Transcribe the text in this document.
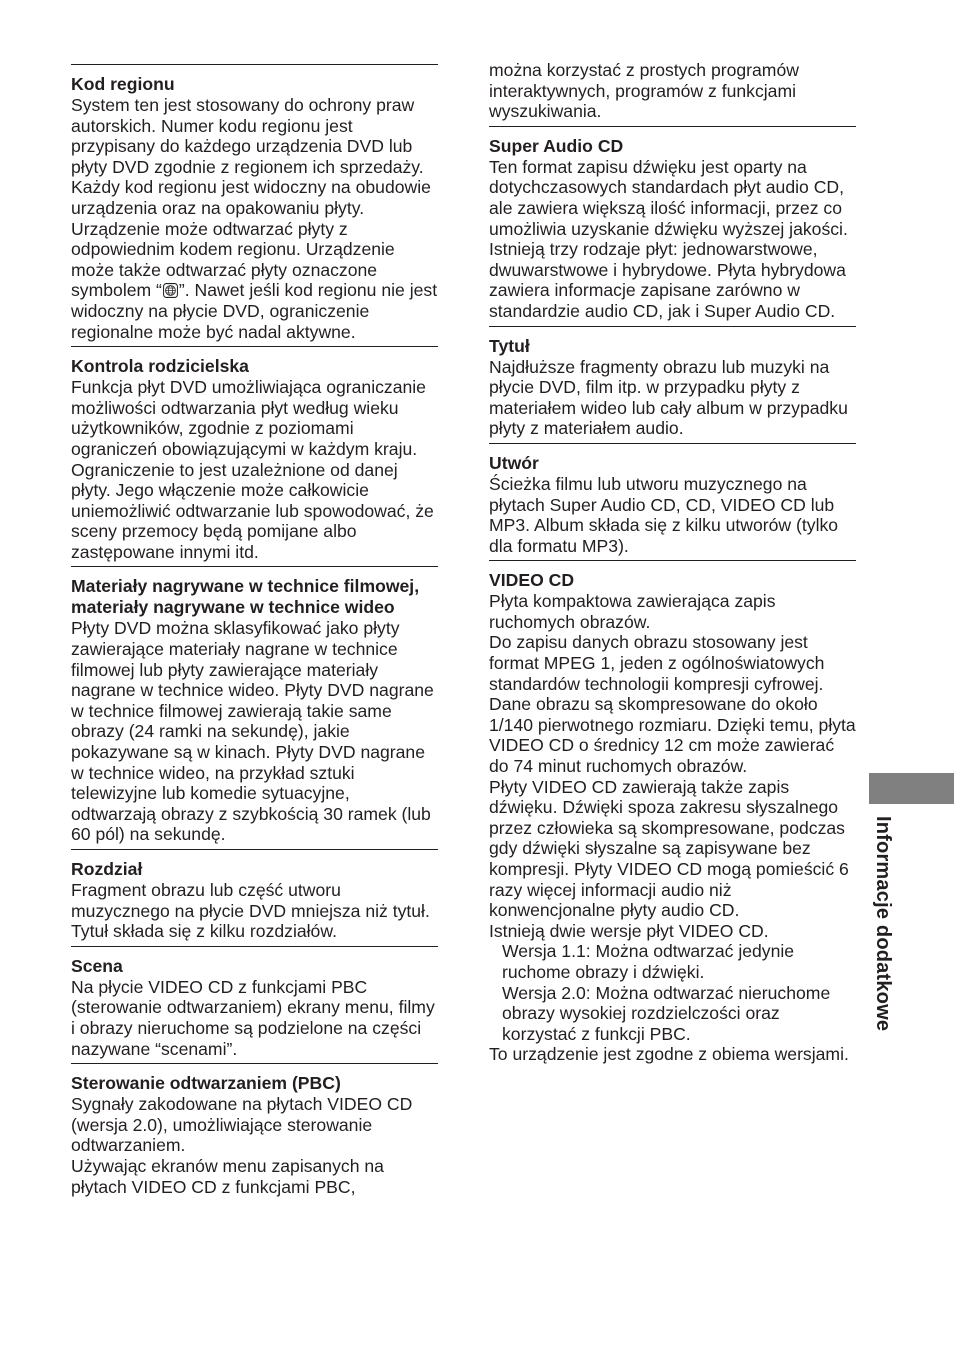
Kod regionu

System ten jest stosowany do ochrony praw autorskich. Numer kodu regionu jest przypisany do każdego urządzenia DVD lub płyty DVD zgodnie z regionem ich sprzedaży. Każdy kod regionu jest widoczny na obudowie urządzenia oraz na opakowaniu płyty. Urządzenie może odtwarzać płyty z odpowiednim kodem regionu. Urządzenie może także odtwarzać płyty oznaczone symbolem “ ”. Nawet jeśli kod regionu nie jest widoczny na płycie DVD, ograniczenie regionalne może być nadal aktywne.

Kontrola rodzicielska

Funkcja płyt DVD umożliwiająca ograniczanie możliwości odtwarzania płyt według wieku użytkowników, zgodnie z poziomami ograniczeń obowiązującymi w każdym kraju. Ograniczenie to jest uzależnione od danej płyty. Jego włączenie może całkowicie uniemożliwić odtwarzanie lub spowodować, że sceny przemocy będą pomijane albo zastępowane innymi itd.

Materiały nagrywane w technice filmowej, materiały nagrywane w technice wideo

Płyty DVD można sklasyfikować jako płyty zawierające materiały nagrane w technice filmowej lub płyty zawierające materiały nagrane w technice wideo. Płyty DVD nagrane w technice filmowej zawierają takie same obrazy (24 ramki na sekundę), jakie pokazywane są w kinach. Płyty DVD nagrane w technice wideo, na przykład sztuki telewizyjne lub komedie sytuacyjne, odtwarzają obrazy z szybkością 30 ramek (lub 60 pól) na sekundę.

Rozdział

Fragment obrazu lub część utworu muzycznego na płycie DVD mniejsza niż tytuł. Tytuł składa się z kilku rozdziałów.

Scena

Na płycie VIDEO CD z funkcjami PBC (sterowanie odtwarzaniem) ekrany menu, filmy i obrazy nieruchome są podzielone na części nazywane “scenami”.

Sterowanie odtwarzaniem (PBC)

Sygnały zakodowane na płytach VIDEO CD (wersja 2.0), umożliwiające sterowanie odtwarzaniem.

Używając ekranów menu zapisanych na płytach VIDEO CD z funkcjami PBC,

można korzystać z prostych programów interaktywnych, programów z funkcjami wyszukiwania.

Super Audio CD

Ten format zapisu dźwięku jest oparty na dotychczasowych standardach płyt audio CD, ale zawiera większą ilość informacji, przez co umożliwia uzyskanie dźwięku wyższej jakości. Istnieją trzy rodzaje płyt: jednowarstwowe, dwuwarstwowe i hybrydowe. Płyta hybrydowa zawiera informacje zapisane zarówno w standardzie audio CD, jak i Super Audio CD.

Tytuł

Najdłuższe fragmenty obrazu lub muzyki na płycie DVD, film itp. w przypadku płyty z materiałem wideo lub cały album w przypadku płyty z materiałem audio.

Utwór

Ścieżka filmu lub utworu muzycznego na płytach Super Audio CD, CD, VIDEO CD lub MP3. Album składa się z kilku utworów (tylko dla formatu MP3).

VIDEO CD

Płyta kompaktowa zawierająca zapis ruchomych obrazów.

Do zapisu danych obrazu stosowany jest format MPEG 1, jeden z ogólnoświatowych standardów technologii kompresji cyfrowej. Dane obrazu są skompresowane do około 1/140 pierwotnego rozmiaru. Dzięki temu, płyta VIDEO CD o średnicy 12 cm może zawierać do 74 minut ruchomych obrazów.

Płyty VIDEO CD zawierają także zapis dźwięku. Dźwięki spoza zakresu słyszalnego przez człowieka są skompresowane, podczas gdy dźwięki słyszalne są zapisywane bez kompresji. Płyty VIDEO CD mogą pomieścić 6 razy więcej informacji audio niż konwencjonalne płyty audio CD.

Istnieją dwie wersje płyt VIDEO CD.

Wersja 1.1: Można odtwarzać jedynie ruchome obrazy i dźwięki.

Wersja 2.0: Można odtwarzać nieruchome obrazy wysokiej rozdzielczości oraz korzystać z funkcji PBC.

To urządzenie jest zgodne z obiema wersjami.

Informacje dodatkowe
